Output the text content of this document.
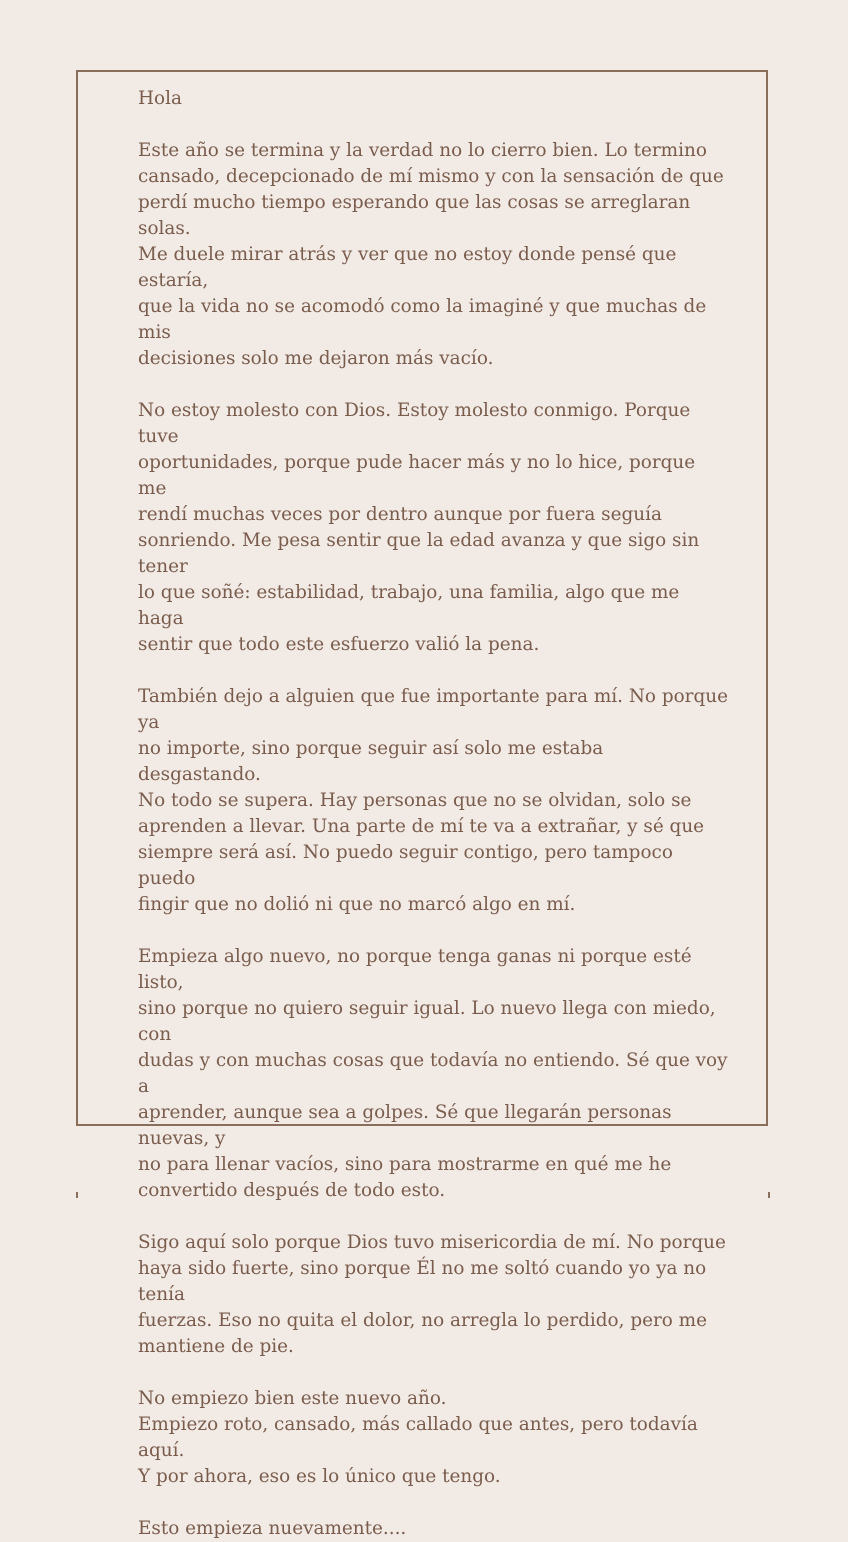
Hola

Este año se termina y la verdad no lo cierro bien. Lo termino
cansado, decepcionado de mí mismo y con la sensación de que
perdí mucho tiempo esperando que las cosas se arreglaran solas.
Me duele mirar atrás y ver que no estoy donde pensé que estaría,
que la vida no se acomodó como la imaginé y que muchas de mis
decisiones solo me dejaron más vacío.

No estoy molesto con Dios. Estoy molesto conmigo. Porque tuve
oportunidades, porque pude hacer más y no lo hice, porque me
rendí muchas veces por dentro aunque por fuera seguía
sonriendo. Me pesa sentir que la edad avanza y que sigo sin tener
lo que soñé: estabilidad, trabajo, una familia, algo que me haga
sentir que todo este esfuerzo valió la pena.

También dejo a alguien que fue importante para mí. No porque ya
no importe, sino porque seguir así solo me estaba desgastando.
No todo se supera. Hay personas que no se olvidan, solo se
aprenden a llevar. Una parte de mí te va a extrañar, y sé que
siempre será así. No puedo seguir contigo, pero tampoco puedo
fingir que no dolió ni que no marcó algo en mí.

Empieza algo nuevo, no porque tenga ganas ni porque esté listo,
sino porque no quiero seguir igual. Lo nuevo llega con miedo, con
dudas y con muchas cosas que todavía no entiendo. Sé que voy a
aprender, aunque sea a golpes. Sé que llegarán personas nuevas, y
no para llenar vacíos, sino para mostrarme en qué me he
convertido después de todo esto.

Sigo aquí solo porque Dios tuvo misericordia de mí. No porque
haya sido fuerte, sino porque Él no me soltó cuando yo ya no tenía
fuerzas. Eso no quita el dolor, no arregla lo perdido, pero me
mantiene de pie.

No empiezo bien este nuevo año.
Empiezo roto, cansado, más callado que antes, pero todavía aquí.
Y por ahora, eso es lo único que tengo.

Esto empieza nuevamente....
